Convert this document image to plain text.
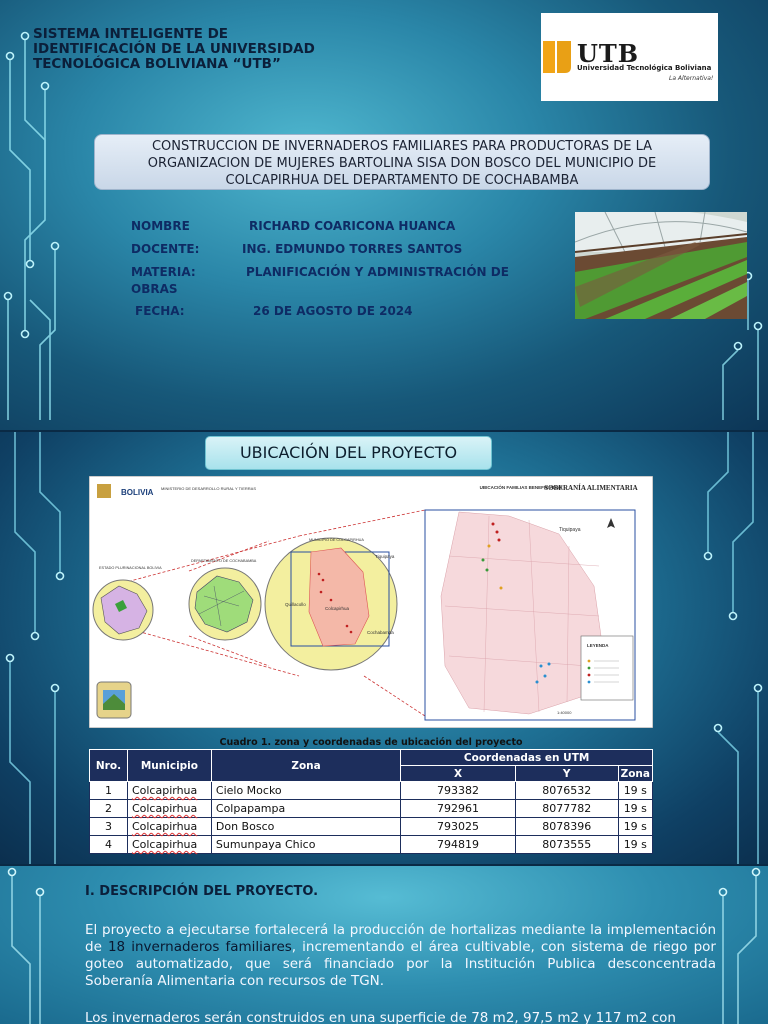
SISTEMA INTELIGENTE DE
IDENTIFICACIÓN DE LA UNIVERSIDAD
TECNOLÓGICA BOLIVIANA “UTB”	UTB
Universidad Tecnológica Boliviana
La Alternativa!
CONSTRUCCION DE INVERNADEROS FAMILIARES PARA PRODUCTORAS DE LA
ORGANIZACION DE MUJERES BARTOLINA SISA DON BOSCO DEL MUNICIPIO DE
COLCAPIRHUA DEL DEPARTAMENTO DE COCHABAMBA
NOMBRE	RICHARD COARICONA HUANCA
DOCENTE:	ING. EDMUNDO TORRES SANTOS
MATERIA:	PLANIFICACIÓN Y ADMINISTRACIÓN DE
OBRAS
FECHA:	26 DE AGOSTO DE 2024
UBICACIÓN DEL PROYECTO
BOLIVIA MINISTERIO DE DESARROLLO RURAL Y TIERRAS	SOBERANÍA ALIMENTARIA
UBICACIÓN FAMILIAS BENEFICIADAS
ESTADO PLURINACIONAL BOLIVIA
DEPARTAMENTO DE COCHABAMBA
MUNICIPIO DE COLCAPIRHUA
Tiquipaya
Quillacollo
Colcapirhua
Cochabamba
Tiquipaya
LEYENDA
1:40000
Cuadro 1. zona y coordenadas de ubicación del proyecto
Nro.	Municipio	Zona	Coordenadas en UTM		
			X	Y	Zona
1	Colcapirhua	Cielo Mocko	793382	8076532	19 s
2	Colcapirhua	Colpapampa	792961	8077782	19 s
3	Colcapirhua	Don Bosco	793025	8078396	19 s
4	Colcapirhua	Sumunpaya Chico	794819	8073555	19 s
I. DESCRIPCIÓN DEL PROYECTO.

El proyecto a ejecutarse fortalecerá la producción de hortalizas mediante la implementación de 18 invernaderos familiares, incrementando el área cultivable, con sistema de riego por goteo automatizado, que será financiado por la Institución Publica desconcentrada Soberanía Alimentaria con recursos de TGN.

Los invernaderos serán construidos en una superficie de 78 m2, 97,5 m2 y 117 m2 con
